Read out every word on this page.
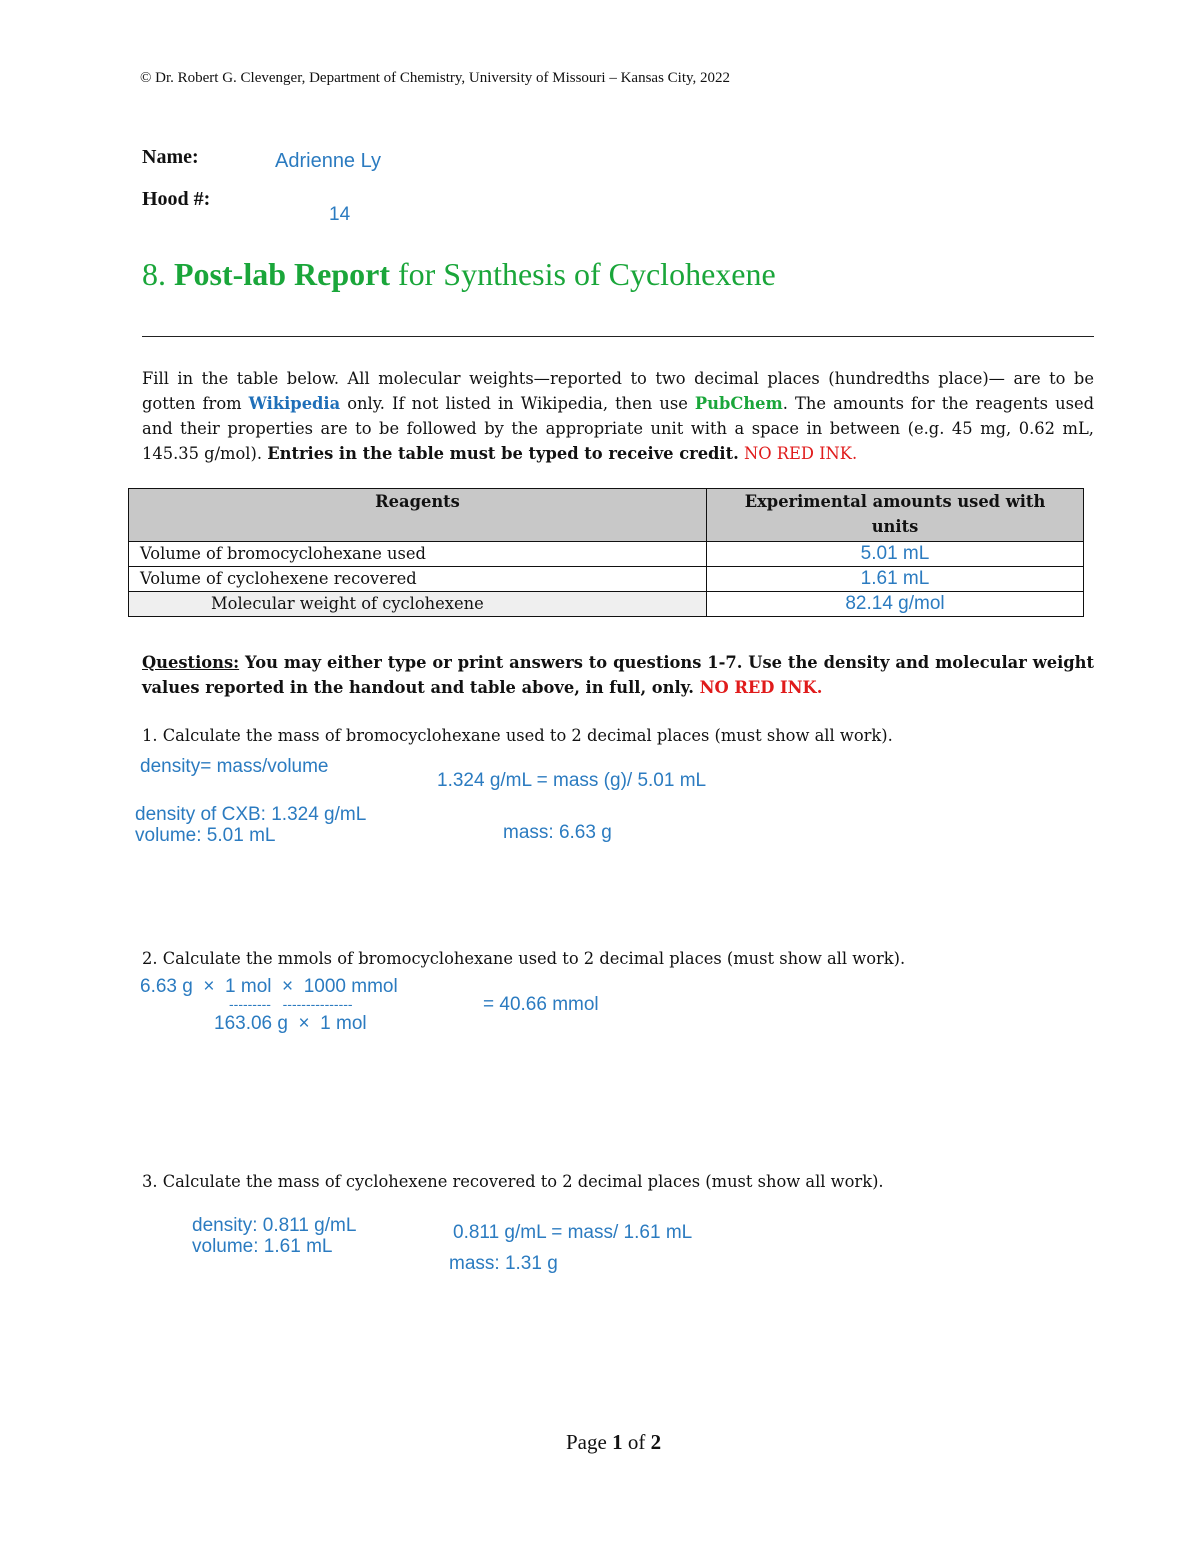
© Dr. Robert G. Clevenger, Department of Chemistry, University of Missouri – Kansas City, 2022
Name:	Adrienne Ly
Hood #:
14
8. Post-lab Report for Synthesis of Cyclohexene
Fill in the table below. All molecular weights—reported to two decimal places (hundredths place)— are to be gotten from Wikipedia only. If not listed in Wikipedia, then use PubChem. The amounts for the reagents used and their properties are to be followed by the appropriate unit with a space in between (e.g. 45 mg, 0.62 mL, 145.35 g/mol). Entries in the table must be typed to receive credit. NO RED INK.
Reagents	Experimental amounts used with units
Volume of bromocyclohexane used	5.01 mL
Volume of cyclohexene recovered	1.61 mL
Molecular weight of cyclohexene	82.14 g/mol
Questions: You may either type or print answers to questions 1-7. Use the density and molecular weight values reported in the handout and table above, in full, only. NO RED INK.
1. Calculate the mass of bromocyclohexane used to 2 decimal places (must show all work).
density= mass/volume
1.324 g/mL = mass (g)/ 5.01 mL
density of CXB: 1.324 g/mL
volume: 5.01 mL	mass: 6.63 g
2. Calculate the mmols of bromocyclohexane used to 2 decimal places (must show all work).
6.63 g  ×  1 mol  ×  1000 mmol
---------   ---------------
163.06 g  ×  1 mol
= 40.66 mmol
3. Calculate the mass of cyclohexene recovered to 2 decimal places (must show all work).
density: 0.811 g/mL
volume: 1.61 mL
0.811 g/mL = mass/ 1.61 mL
mass: 1.31 g
Page 1 of 2
